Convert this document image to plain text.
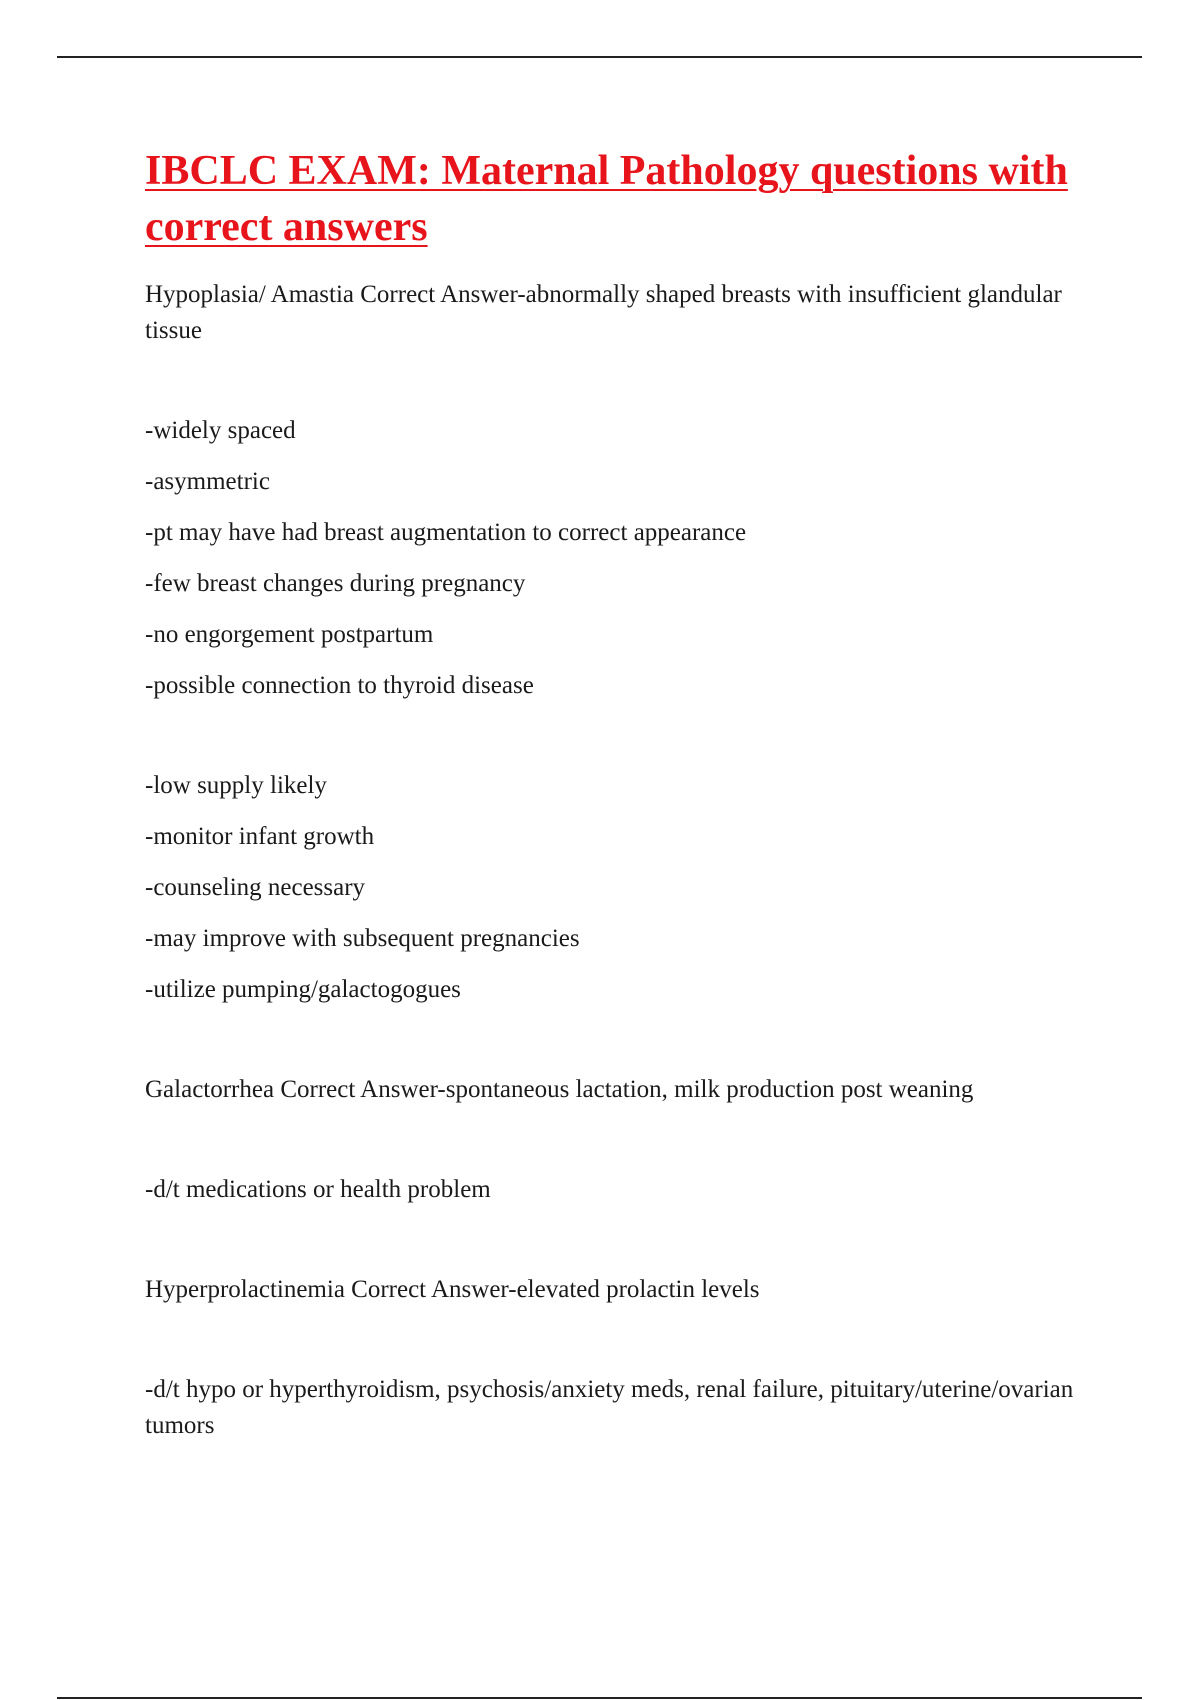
IBCLC EXAM: Maternal Pathology questions with correct answers

Hypoplasia/ Amastia Correct Answer-abnormally shaped breasts with insufficient glandular tissue

-widely spaced
-asymmetric
-pt may have had breast augmentation to correct appearance
-few breast changes during pregnancy
-no engorgement postpartum
-possible connection to thyroid disease
-low supply likely
-monitor infant growth
-counseling necessary
-may improve with subsequent pregnancies
-utilize pumping/galactogogues

Galactorrhea Correct Answer-spontaneous lactation, milk production post weaning

-d/t medications or health problem

Hyperprolactinemia Correct Answer-elevated prolactin levels

-d/t hypo or hyperthyroidism, psychosis/anxiety meds, renal failure, pituitary/uterine/ovarian tumors
